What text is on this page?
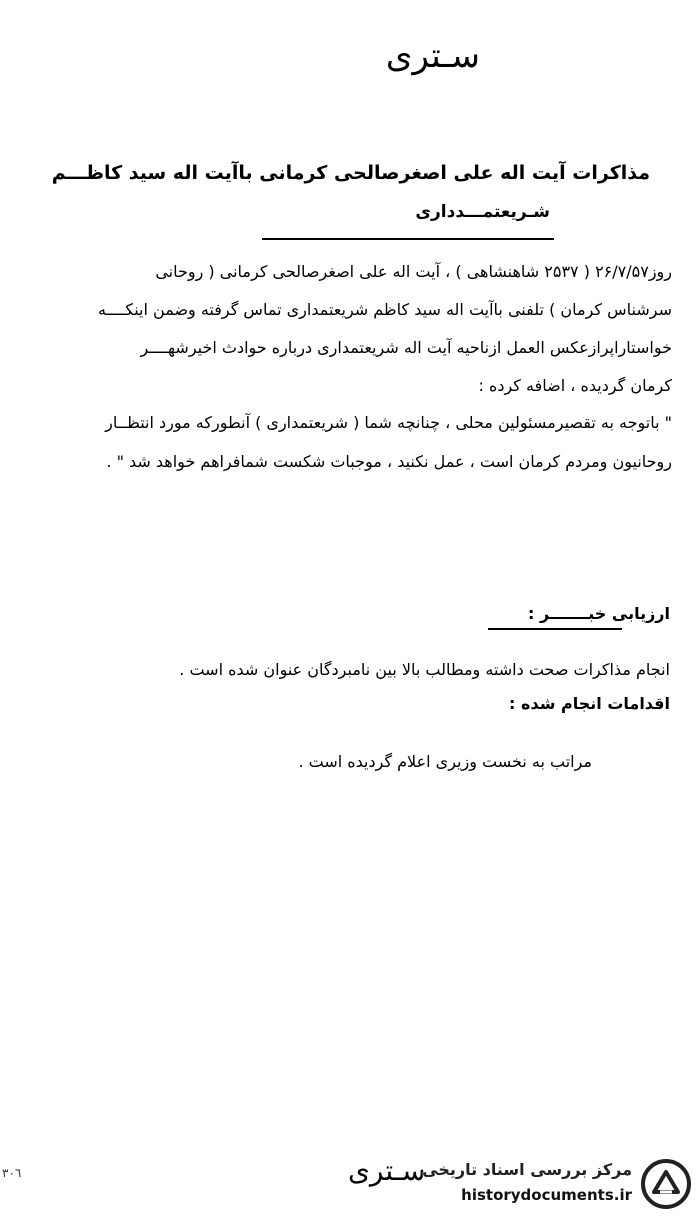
سـتری
مذاکرات آیت اله علی اصغرصالحی کرمانی باآیت اله سید کاظـــم
شـریعتمـــدداری
روز۲۶/۷/۵۷ ( ۲۵۳۷ شاهنشاهی ) ، آیت اله علی اصغرصالحی کرمانی ( روحانی
سرشناس کرمان ) تلفنی باآیت اله سید کاظم شریعتمداری تماس گرفته وضمن اینکــــه
خواستاراپرازعکس العمل ازناحیه آیت اله شریعتمداری درباره حوادث اخیرشهــــر
کرمان گردیده ، اضافه کرده :
" باتوجه به تقصیرمسئولین محلی ، چنانچه شما ( شریعتمداری ) آنطورکه مورد انتظــار
روحانیون ومردم کرمان است ، عمل نکنید ، موجبات شکست شمافراهم خواهد شد " .
ارزیابی خبـــــــر :
انجام مذاکرات صحت داشته ومطالب بالا بین نامبردگان عنوان شده است .
اقدامات انجام شده :
مراتب به نخست وزیری اعلام گردیده است .
۳۰٦	سـتری
مرکز بررسی اسناد تاریخی
historydocuments.ir
